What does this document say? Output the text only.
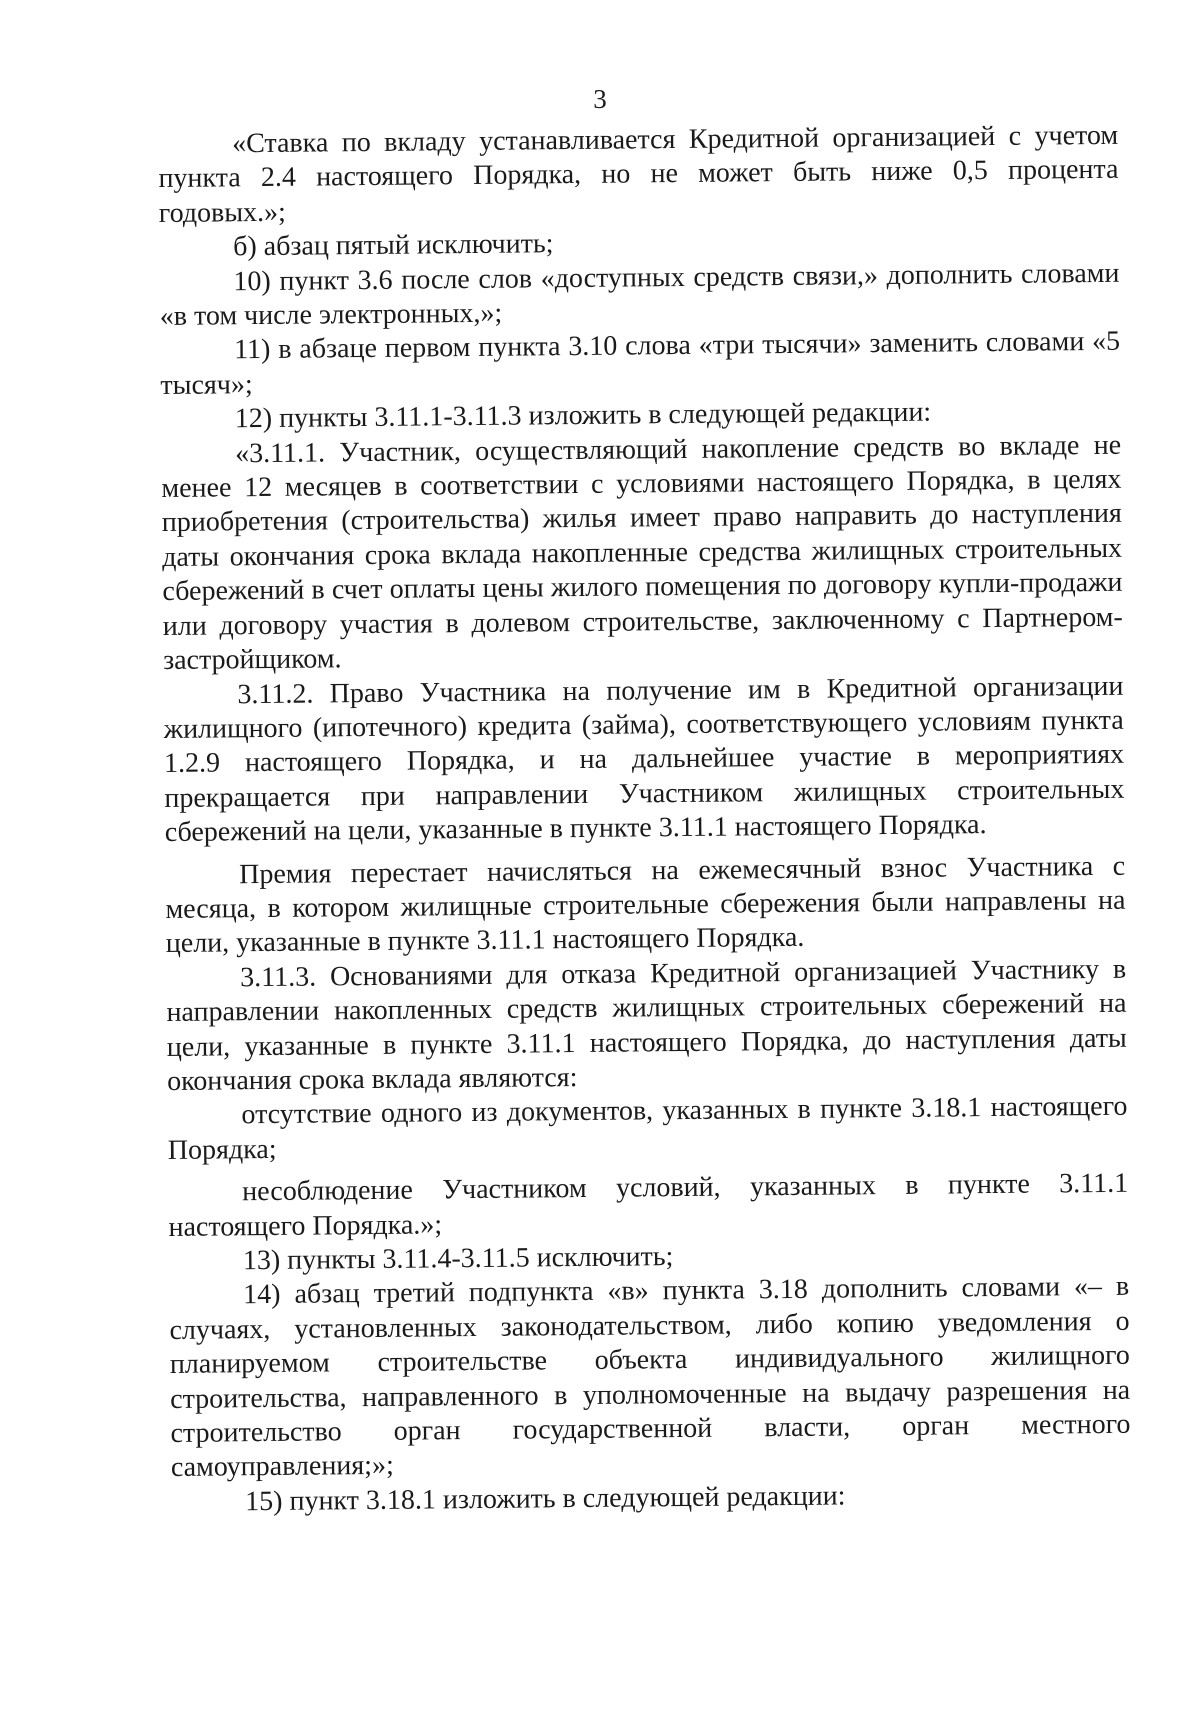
3

«Ставка по вкладу устанавливается Кредитной организацией с учетом пункта 2.4 настоящего Порядка, но не может быть ниже 0,5 процента годовых.»;

б) абзац пятый исключить;

10) пункт 3.6 после слов «доступных средств связи,» дополнить словами «в том числе электронных,»;

11) в абзаце первом пункта 3.10 слова «три тысячи» заменить словами «5 тысяч»;

12) пункты 3.11.1-3.11.3 изложить в следующей редакции:

«3.11.1. Участник, осуществляющий накопление средств во вкладе не менее 12 месяцев в соответствии с условиями настоящего Порядка, в целях приобретения (строительства) жилья имеет право направить до наступления даты окончания срока вклада накопленные средства жилищных строительных сбережений в счет оплаты цены жилого помещения по договору купли-продажи или договору участия в долевом строительстве, заключенному с Партнером-застройщиком.

3.11.2. Право Участника на получение им в Кредитной организации жилищного (ипотечного) кредита (займа), соответствующего условиям пункта 1.2.9 настоящего Порядка, и на дальнейшее участие в мероприятиях прекращается при направлении Участником жилищных строительных сбережений на цели, указанные в пункте 3.11.1 настоящего Порядка.

Премия перестает начисляться на ежемесячный взнос Участника с месяца, в котором жилищные строительные сбережения были направлены на цели, указанные в пункте 3.11.1 настоящего Порядка.

3.11.3. Основаниями для отказа Кредитной организацией Участнику в направлении накопленных средств жилищных строительных сбережений на цели, указанные в пункте 3.11.1 настоящего Порядка, до наступления даты окончания срока вклада являются:

отсутствие одного из документов, указанных в пункте 3.18.1 настоящего Порядка;

несоблюдение Участником условий, указанных в пункте 3.11.1 настоящего Порядка.»;

13) пункты 3.11.4-3.11.5 исключить;

14) абзац третий подпункта «в» пункта 3.18 дополнить словами «– в случаях, установленных законодательством, либо копию уведомления о планируемом строительстве объекта индивидуального жилищного строительства, направленного в уполномоченные на выдачу разрешения на строительство орган государственной власти, орган местного самоуправления;»;

15) пункт 3.18.1 изложить в следующей редакции:
